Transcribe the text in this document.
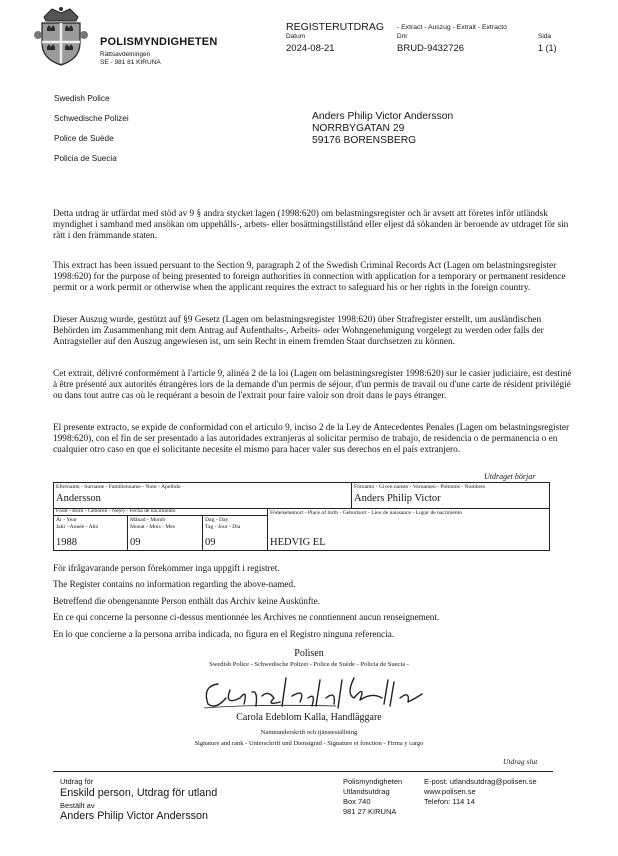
POLISMYNDIGHETEN
Rättsavdelningen
SE - 981 81 KIRUNA
REGISTERUTDRAG - Extract - Auszug - Extrait - Extracto
Datum
2024-08-21
Dnr
BRUD-9432726
Sida
1 (1)
Swedish Police
Schwedische Polizei
Police de Suède
Policia de Suecia
Anders Philip Victor Andersson
NORRBYGATAN 29
59176 BORENSBERG

Detta utdrag är utfärdat med stöd av 9 § andra stycket lagen (1998:620) om belastningsregister och är avsett att företes inför utländsk myndighet i samband med ansökan om uppehålls-, arbets- eller bosättningstillstånd eller eljest då sökanden är beroende av utdraget för sin rätt i den främmande staten.

This extract has been issued persuant to the Section 9, paragraph 2 of the Swedish Criminal Records Act (Lagen om belastningsregister 1998:620) for the purpose of being presented to foreign authorities in connection with application for a temporary or permanent residence permit or a work permit or otherwise when the applicant requires the extract to safeguard his or her rights in the foreign country.

Dieser Auszug wurde, gestützt auf §9 Gesetz (Lagen om belastningsregister 1998:620) über Strafregister erstellt, um ausländischen Behörden im Zusammenhang mit dem Antrag auf Aufenthalts-, Arbeits- oder Wohngenehmigung vorgelegt zu werden oder falls der Antragsteller auf den Auszug angewiesen ist, um sein Recht in einem fremden Staat durchsetzen zu können.

Cet extrait, délivré conformément à l'article 9, alinéa 2 de la loi (Lagen om belastningsregister 1998:620) sur le casier judiciaire, est destiné à être présenté aux autorités étrangères lors de la demande d'un permis de séjour, d'un permis de travail ou d'une carte de résident privilégié ou dans tout autre cas où le requérant a besoin de l'extrait pour faire valoir son droit dans le pays étranger.

El presente extracto, se expide de conformidad con el articulo 9, inciso 2 de la Ley de Antecedentes Penales (Lagen om belastningsregister 1998:620), con el fin de ser presentado a las autoridades extranjeras al solicitar permiso de trabajo, de residencia o de permanencia o en cualquier otro caso en que el solicitante necesite el mismo para hacer valer sus derechos en el país extranjero.

Utdraget börjar
Efternamn - Surname - Familienname - Nom - Apellido
Andersson
Förnamn - Given names - Vornamen - Prénoms - Nombres
Anders Philip Victor
Född - Born - Geboren - Né(e) - Fecha de nacimiento	Födelsehemort - Place of birth - Geburtsort - Lieu de naissance - Lugar de nacimiento
År - Year
Jahr - Année - Año
1988
Månad - Month
Monat - Mois - Mes
09
Dag - Day
Tag - Jour - Dia
09	HEDVIG EL
För ifrågavarande person förekommer inga uppgift i registret.
The Register contains no information regarding the above-named.
Betreffend die obengenannte Person enthält das Archiv keine Auskünfte.
En ce qui concerne la personne ci-dessus mentionnée les Archives ne conntiennent aucun renseignement.
En lo que concierne a la persona arriba indicada, no figura en el Registro ninguna referencia.
Polisen
Swedish Police - Schwedische Polizei - Police de Suède - Policia de Suecia -
Carola Edeblom Kalla, Handläggare
Namnunderskrift och tjänsteställning
Signature and rank - Unterschrift und Dienstgrad - Signature et fonction - Firma y cargo
Utdrag slut
Utdrag för
Enskild person, Utdrag för utland
Beställt av
Anders Philip Victor Andersson
Polismyndigheten
Utlandsutdrag
Box 740
981 27 KIRUNA
E-post: utlandsutdrag@polisen.se
www.polisen.se
Telefon: 114 14
